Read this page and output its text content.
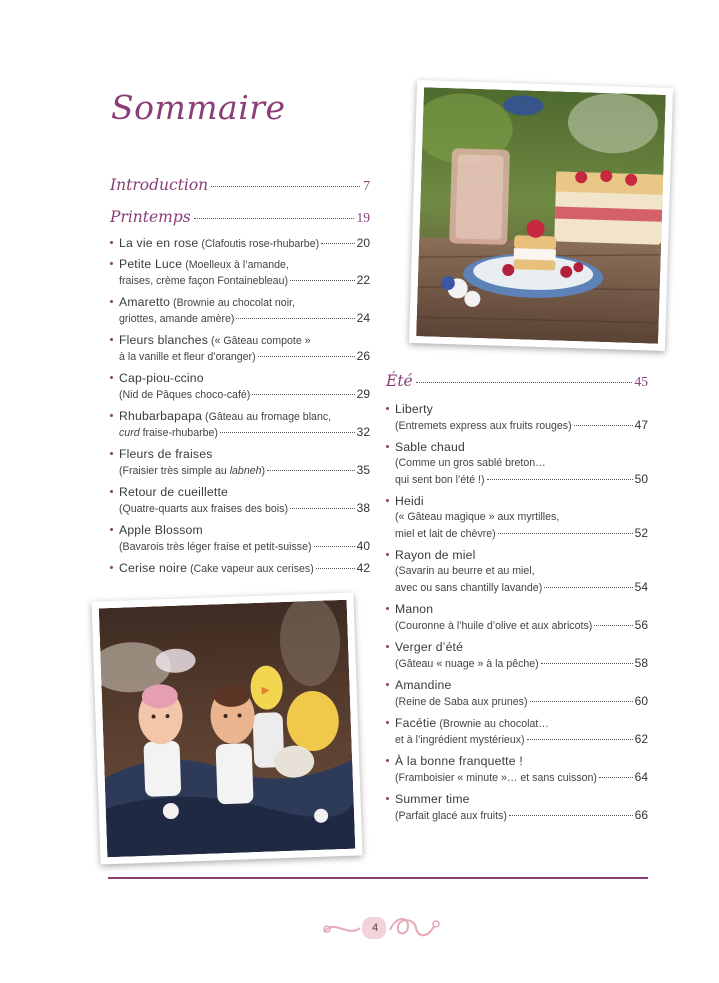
Sommaire
Introduction	7
Printemps	19
La vie en rose (Clafoutis rose-rhubarbe)	20
Petite Luce (Moelleux à l’amande,
fraises, crème façon Fontainebleau)	22
Amaretto (Brownie au chocolat noir,
griottes, amande amère)	24
Fleurs blanches (« Gâteau compote »
à la vanille et fleur d’oranger)	26
Cap-piou-ccino
(Nid de Pâques choco-café)	29
Rhubarbapapa (Gâteau au fromage blanc,
curd fraise-rhubarbe)	32
Fleurs de fraises
(Fraisier très simple au labneh)	35
Retour de cueillette
(Quatre-quarts aux fraises des bois)	38
Apple Blossom
(Bavarois très léger fraise et petit-suisse)	40
Cerise noire (Cake vapeur aux cerises)	42
Été	45
Liberty
(Entremets express aux fruits rouges)	47
Sable chaud
(Comme un gros sablé breton…
qui sent bon l’été !)	50
Heidi
(« Gâteau magique » aux myrtilles,
miel et lait de chèvre)	52
Rayon de miel
(Savarin au beurre et au miel,
avec ou sans chantilly lavande)	54
Manon
(Couronne à l’huile d’olive et aux abricots)	56
Verger d’été
(Gâteau « nuage » à la pêche)	58
Amandine
(Reine de Saba aux prunes)	60
Facétie (Brownie au chocolat…
et à l’ingrédient mystérieux)	62
À la bonne franquette !
(Framboisier « minute »… et sans cuisson)	64
Summer time
(Parfait glacé aux fruits)	66
4
